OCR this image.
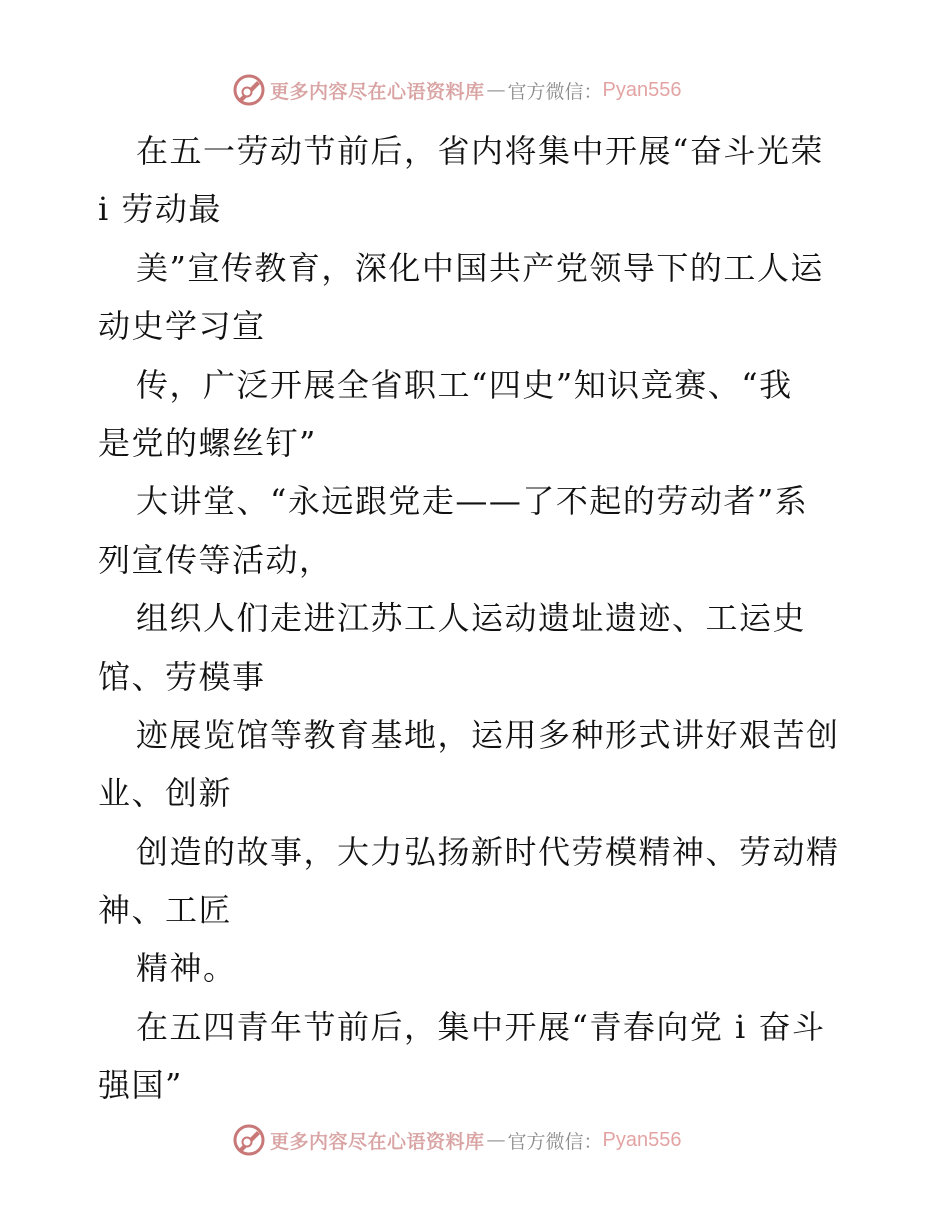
更多内容尽在心语资料库 — 官方微信： Pyan556
在五一劳动节前后，省内将集中开展“奋斗光荣
i 劳动最
美”宣传教育，深化中国共产党领导下的工人运
动史学习宣
传，广泛开展全省职工“四史”知识竞赛、“我
是党的螺丝钉”
大讲堂、“永远跟党走——了不起的劳动者”系
列宣传等活动，
组织人们走进江苏工人运动遗址遗迹、工运史
馆、劳模事
迹展览馆等教育基地，运用多种形式讲好艰苦创
业、创新
创造的故事，大力弘扬新时代劳模精神、劳动精
神、工匠
精神。
在五四青年节前后，集中开展“青春向党 i 奋斗
强国”
更多内容尽在心语资料库 — 官方微信： Pyan556
